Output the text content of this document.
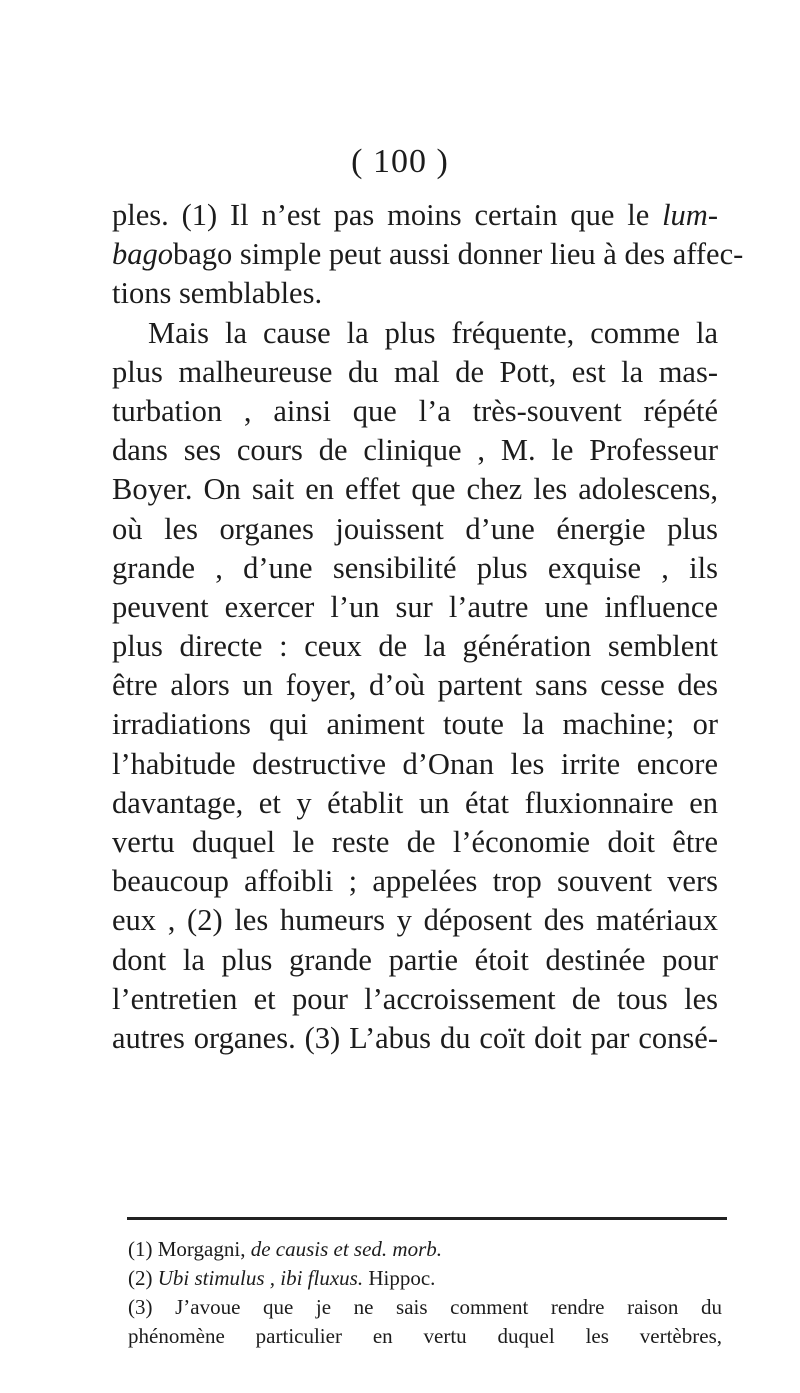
( 100 )
ples. (1) Il n’est pas moins certain que le lum-
bagobago simple peut aussi donner lieu à des affec-
tions semblables.
Mais la cause la plus fréquente, comme la
plus malheureuse du mal de Pott, est la mas-
turbation , ainsi que l’a très-souvent répété
dans ses cours de clinique , M. le Professeur
Boyer. On sait en effet que chez les adolescens,
où les organes jouissent d’une énergie plus
grande , d’une sensibilité plus exquise , ils
peuvent exercer l’un sur l’autre une influence
plus directe : ceux de la génération semblent
être alors un foyer, d’où partent sans cesse des
irradiations qui animent toute la machine; or
l’habitude destructive d’Onan les irrite encore
davantage, et y établit un état fluxionnaire en
vertu duquel le reste de l’économie doit être
beaucoup affoibli ; appelées trop souvent vers
eux , (2) les humeurs y déposent des matériaux
dont la plus grande partie étoit destinée pour
l’entretien et pour l’accroissement de tous les
autres organes. (3) L’abus du coït doit par consé-
(1) Morgagni, de causis et sed. morb.
(2) Ubi stimulus , ibi fluxus. Hippoc.
(3) J’avoue que je ne sais comment rendre raison du
phénomène particulier en vertu duquel les vertèbres,
